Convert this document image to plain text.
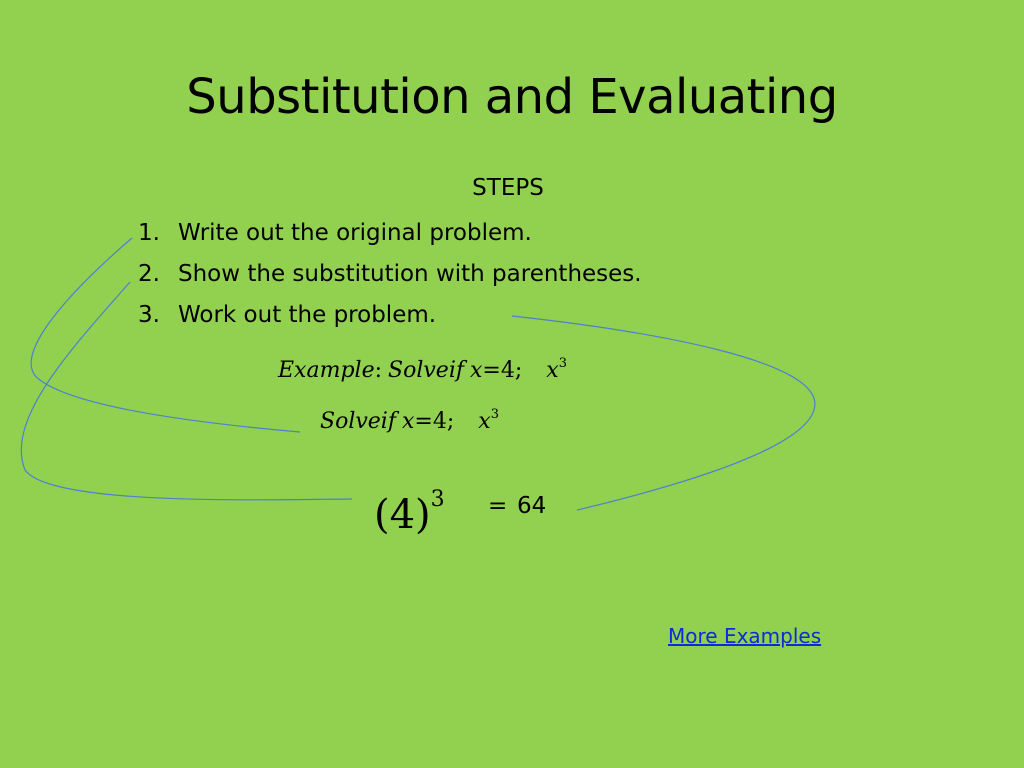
Substitution and Evaluating
STEPS
1. Write out the original problem.
2. Show the substitution with parentheses.
3. Work out the problem.
Example: Solveif x=4; $x^3$
Solveif x=4; $x^3$
$(4)^3 = 64$
More Examples
